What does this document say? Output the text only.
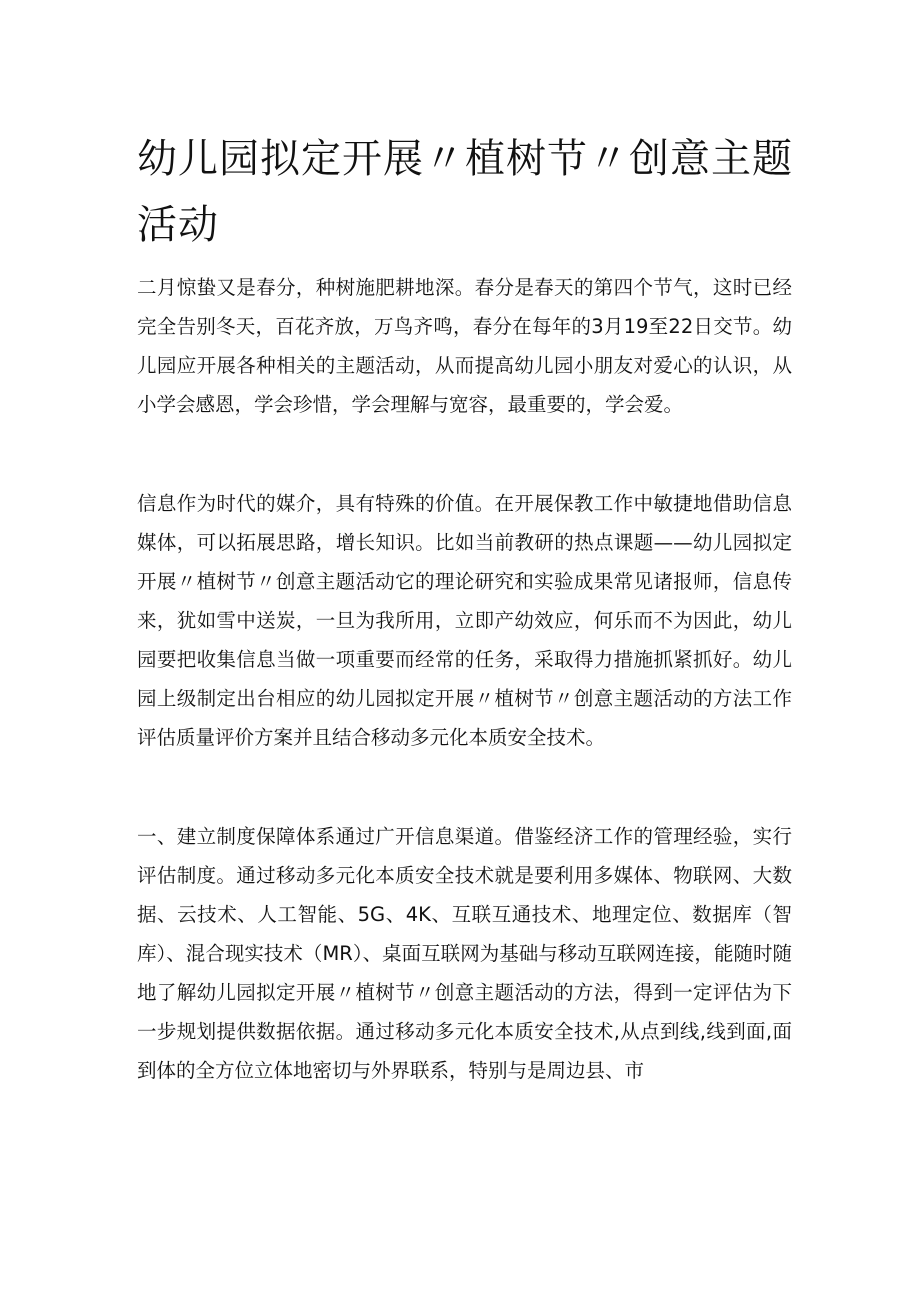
幼儿园拟定开展〃植树节〃创意主题活动

二月惊蛰又是春分，种树施肥耕地深。春分是春天的第四个节气，这时已经完全告别冬天，百花齐放，万鸟齐鸣，春分在每年的3月19至22日交节。幼儿园应开展各种相关的主题活动，从而提高幼儿园小朋友对爱心的认识，从小学会感恩，学会珍惜，学会理解与宽容，最重要的，学会爱。

信息作为时代的媒介，具有特殊的价值。在开展保教工作中敏捷地借助信息媒体，可以拓展思路，增长知识。比如当前教研的热点课题——幼儿园拟定开展〃植树节〃创意主题活动它的理论研究和实验成果常见诸报师，信息传来，犹如雪中送炭，一旦为我所用，立即产幼效应，何乐而不为因此，幼儿园要把收集信息当做一项重要而经常的任务，采取得力措施抓紧抓好。幼儿园上级制定出台相应的幼儿园拟定开展〃植树节〃创意主题活动的方法工作评估质量评价方案并且结合移动多元化本质安全技术。

一、建立制度保障体系通过广开信息渠道。借鉴经济工作的管理经验，实行评估制度。通过移动多元化本质安全技术就是要利用多媒体、物联网、大数据、云技术、人工智能、5G、4K、互联互通技术、地理定位、数据库（智库）、混合现实技术（MR）、桌面互联网为基础与移动互联网连接，能随时随地了解幼儿园拟定开展〃植树节〃创意主题活动的方法，得到一定评估为下一步规划提供数据依据。通过移动多元化本质安全技术,从点到线,线到面,面到体的全方位立体地密切与外界联系，特别与是周边县、市
